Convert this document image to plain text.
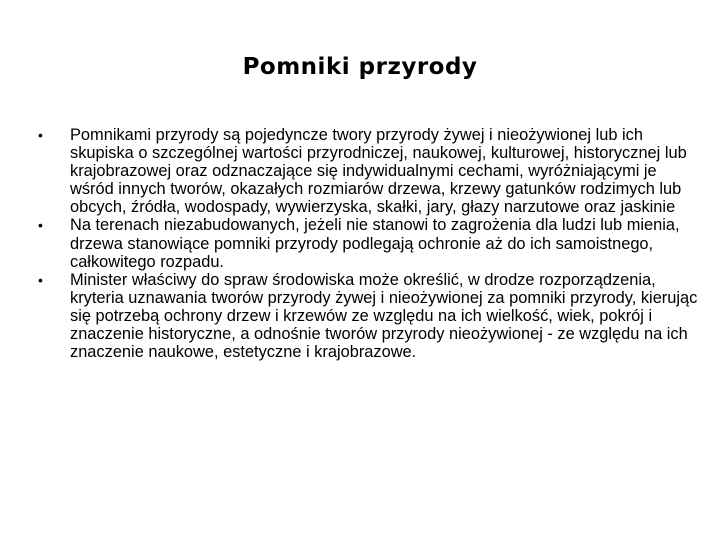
Pomniki przyrody
• Pomnikami przyrody są pojedyncze twory przyrody żywej i nieożywionej lub ich skupiska o szczególnej wartości przyrodniczej, naukowej, kulturowej, historycznej lub krajobrazowej oraz odznaczające się indywidualnymi cechami, wyróżniającymi je wśród innych tworów, okazałych rozmiarów drzewa, krzewy gatunków rodzimych lub obcych, źródła, wodospady, wywierzyska, skałki, jary, głazy narzutowe oraz jaskinie
• Na terenach niezabudowanych, jeżeli nie stanowi to zagrożenia dla ludzi lub mienia, drzewa stanowiące pomniki przyrody podlegają ochronie aż do ich samoistnego, całkowitego rozpadu.
• Minister właściwy do spraw środowiska może określić, w drodze rozporządzenia, kryteria uznawania tworów przyrody żywej i nieożywionej za pomniki przyrody, kierując się potrzebą ochrony drzew i krzewów ze względu na ich wielkość, wiek, pokrój i znaczenie historyczne, a odnośnie tworów przyrody nieożywionej - ze względu na ich znaczenie naukowe, estetyczne i krajobrazowe.
